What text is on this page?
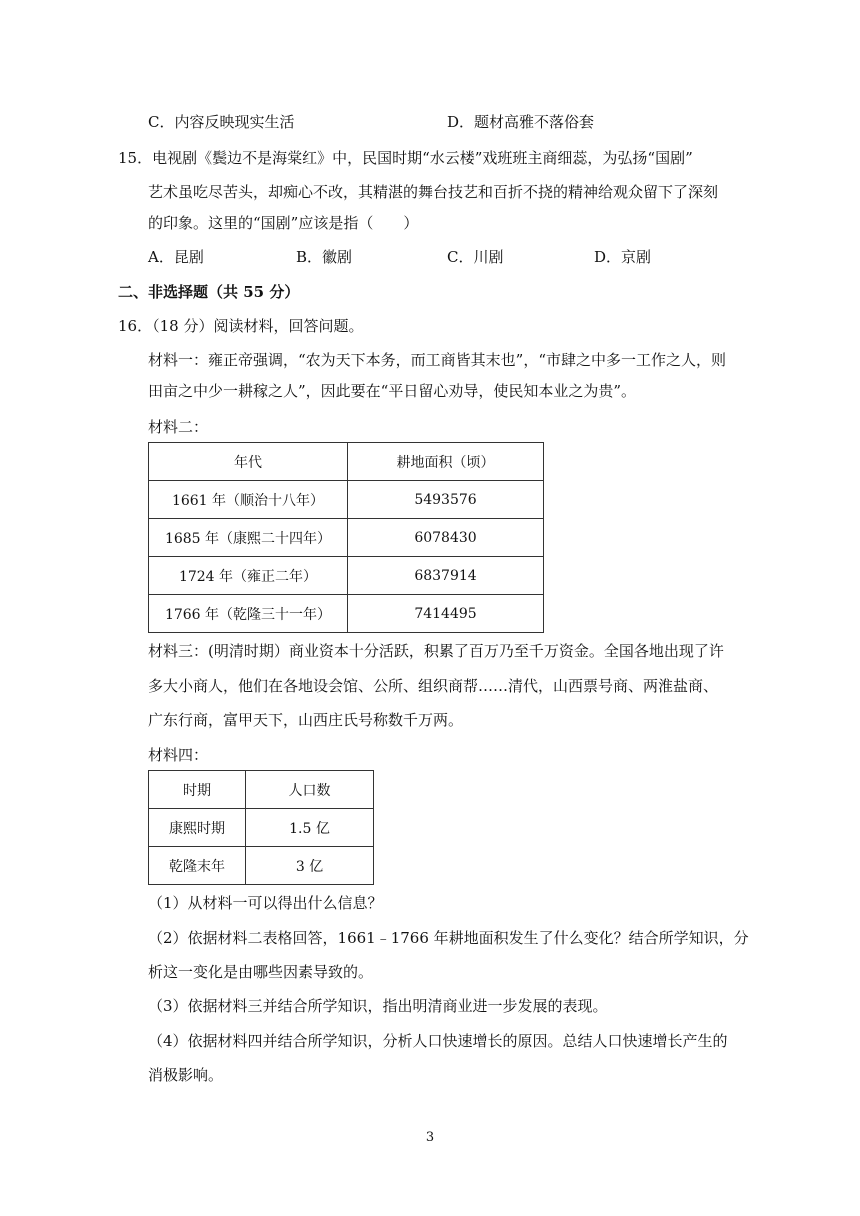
C．内容反映现实生活	D．题材高雅不落俗套
15．电视剧《鬓边不是海棠红》中，民国时期“水云楼”戏班班主商细蕊，为弘扬“国剧”
艺术虽吃尽苦头，却痴心不改，其精湛的舞台技艺和百折不挠的精神给观众留下了深刻
的印象。这里的“国剧”应该是指（　　）
A．昆剧	B．徽剧	C．川剧	D．京剧
二、非选择题（共 55 分）
16．（18 分）阅读材料，回答问题。
材料一：雍正帝强调，“农为天下本务，而工商皆其末也”，“市肆之中多一工作之人，则
田亩之中少一耕稼之人”，因此要在“平日留心劝导，使民知本业之为贵”。
材料二：
年代	耕地面积（顷）
1661 年（顺治十八年）	5493576
1685 年（康熙二十四年）	6078430
1724 年（雍正二年）	6837914
1766 年（乾隆三十一年）	7414495
材料三：(明清时期）商业资本十分活跃，积累了百万乃至千万资金。全国各地出现了许
多大小商人，他们在各地设会馆、公所、组织商帮……清代，山西票号商、两淮盐商、
广东行商，富甲天下，山西庄氏号称数千万两。
材料四：
时期	人口数
康熙时期	1.5 亿
乾隆末年	3 亿
（1）从材料一可以得出什么信息？
（2）依据材料二表格回答，1661﹣1766 年耕地面积发生了什么变化？结合所学知识，分
析这一变化是由哪些因素导致的。
（3）依据材料三并结合所学知识，指出明清商业进一步发展的表现。
（4）依据材料四并结合所学知识，分析人口快速增长的原因。总结人口快速增长产生的
消极影响。
3
